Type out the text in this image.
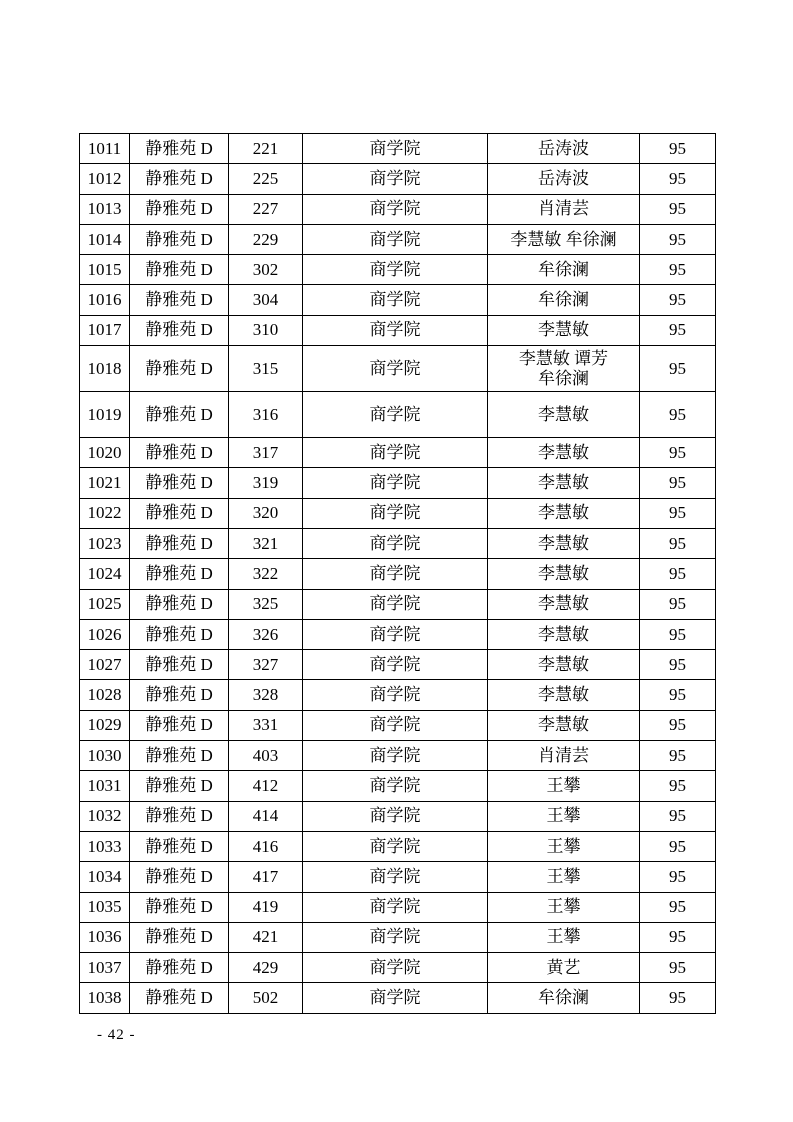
1011	静雅苑 D	221	商学院	岳涛波	95
1012	静雅苑 D	225	商学院	岳涛波	95
1013	静雅苑 D	227	商学院	肖清芸	95
1014	静雅苑 D	229	商学院	李慧敏 牟徐澜	95
1015	静雅苑 D	302	商学院	牟徐澜	95
1016	静雅苑 D	304	商学院	牟徐澜	95
1017	静雅苑 D	310	商学院	李慧敏	95
1018	静雅苑 D	315	商学院	李慧敏 谭芳
牟徐澜	95
1019	静雅苑 D	316	商学院	李慧敏	95
1020	静雅苑 D	317	商学院	李慧敏	95
1021	静雅苑 D	319	商学院	李慧敏	95
1022	静雅苑 D	320	商学院	李慧敏	95
1023	静雅苑 D	321	商学院	李慧敏	95
1024	静雅苑 D	322	商学院	李慧敏	95
1025	静雅苑 D	325	商学院	李慧敏	95
1026	静雅苑 D	326	商学院	李慧敏	95
1027	静雅苑 D	327	商学院	李慧敏	95
1028	静雅苑 D	328	商学院	李慧敏	95
1029	静雅苑 D	331	商学院	李慧敏	95
1030	静雅苑 D	403	商学院	肖清芸	95
1031	静雅苑 D	412	商学院	王攀	95
1032	静雅苑 D	414	商学院	王攀	95
1033	静雅苑 D	416	商学院	王攀	95
1034	静雅苑 D	417	商学院	王攀	95
1035	静雅苑 D	419	商学院	王攀	95
1036	静雅苑 D	421	商学院	王攀	95
1037	静雅苑 D	429	商学院	黄艺	95
1038	静雅苑 D	502	商学院	牟徐澜	95
- 42 -
